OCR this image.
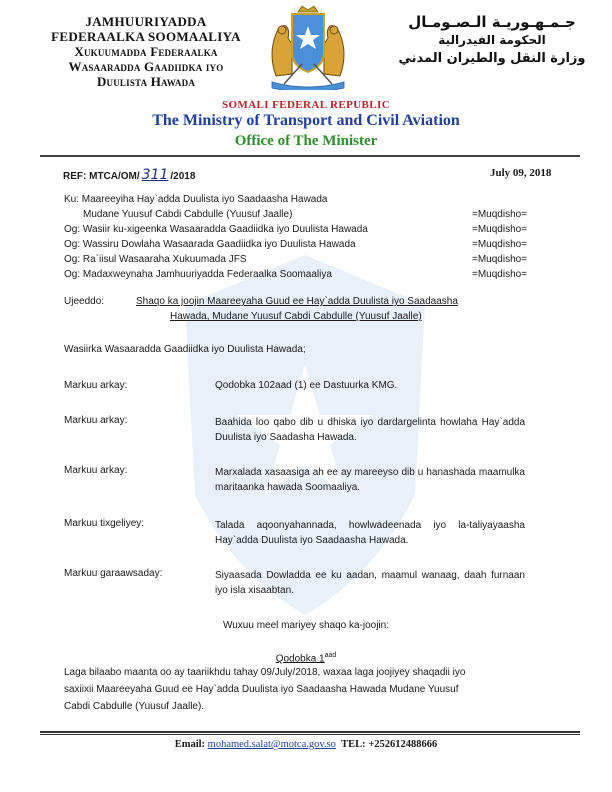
JAMHUURIYADDA
FEDERAALKA SOOMAALIYA
Xukuumadda Federaalka
Wasaaradda Gaadiidka iyo
Duulista Hawada
جـمـهـوريـة الـصـومـال
الحكومة الفيدرالية
وزارة النقل والطيران المدني
SOMALI FEDERAL REPUBLIC
The Ministry of Transport and Civil Aviation
Office of The Minister
REF: MTCA/OM/ 311 /2018	July 09, 2018
Ku: Maareeyiha Hay`adda Duulista iyo Saadaasha Hawada
Mudane Yuusuf Cabdi Cabdulle (Yuusuf Jaalle)	=Muqdisho=
Og: Wasiir ku-xigeenka Wasaaradda Gaadiidka iyo Duulista Hawada	=Muqdisho=
Og: Wassiru Dowlaha Wasaarada Gaadiidka iyo Duulista Hawada	=Muqdisho=
Og: Ra`iisul Wasaaraha Xukuumada JFS	=Muqdisho=
Og: Madaxweynaha Jamhuuriyadda Federaalka Soomaaliya	=Muqdisho=
Ujeeddo:	Shaqo ka joojin Maareeyaha Guud ee Hay`adda Duulista iyo Saadaasha
Hawada, Mudane Yuusuf Cabdi Cabdulle (Yuusuf Jaalle)
Wasiirka Wasaaradda Gaadiidka iyo Duulista Hawada;
Markuu arkay:	Qodobka 102aad (1) ee Dastuurka KMG.
Markuu arkay:	Baahida loo qabo dib u dhiska iyo dardargelinta howlaha Hay`adda Duulista iyo Saadasha Hawada.
Markuu arkay:	Marxalada xasaasiga ah ee ay mareeyso dib u hanashada maamulka maritaanka hawada Soomaaliya.
Markuu tixgeliyey:	Talada aqoonyahannada, howlwadeenada iyo la-taliyayaasha Hay`adda Duulista iyo Saadaasha Hawada.
Markuu garaawsaday:	Siyaasada Dowladda ee ku aadan, maamul wanaag, daah furnaan iyo isla xisaabtan.
Wuxuu meel mariyey shaqo ka-joojin:
Qodobka $1^{aad}$
Laga bilaabo maanta oo ay taariikhdu tahay 09/July/2018, waxaa laga joojiyey shaqadii iyo
saxiixii Maareeyaha Guud ee Hay`adda Duulista iyo Saadaasha Hawada Mudane Yuusuf
Cabdi Cabdulle (Yuusuf Jaalle).
Email: mohamed.salat@motca.gov.so TEL: +252612488666
